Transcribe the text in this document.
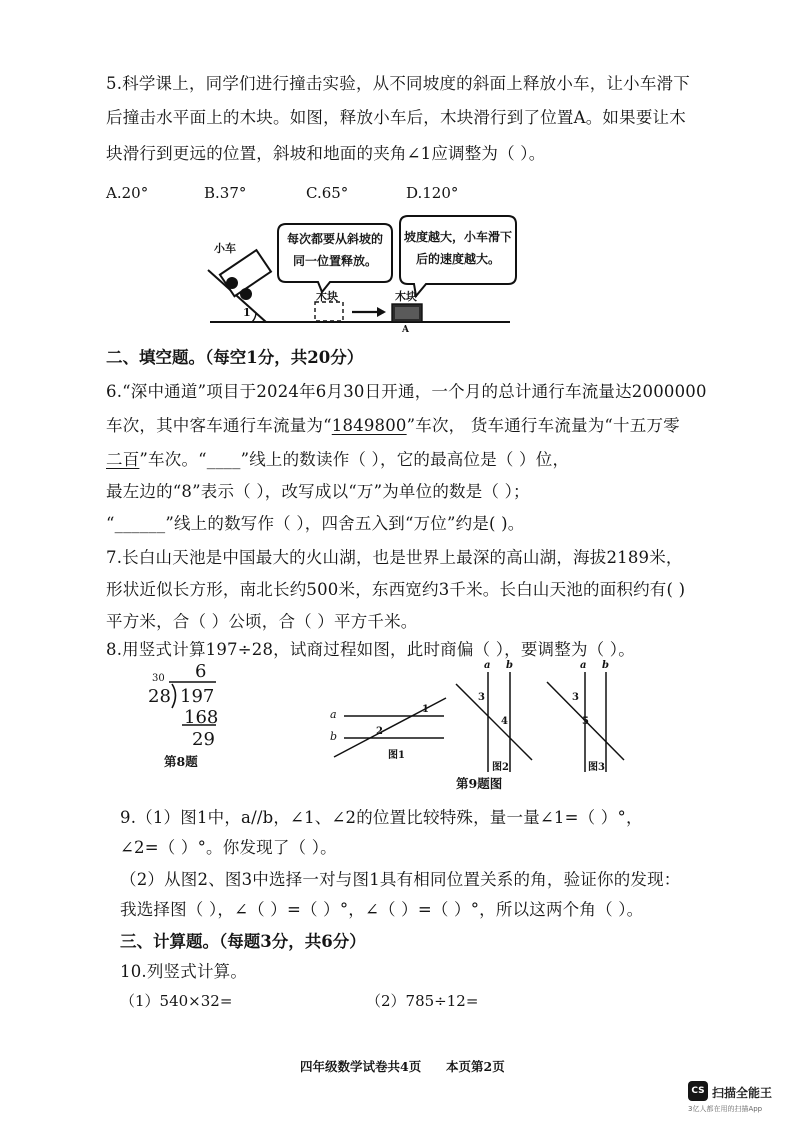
5.科学课上，同学们进行撞击实验，从不同坡度的斜面上释放小车，让小车滑下
后撞击水平面上的木块。如图，释放小车后，木块滑行到了位置A。如果要让木
块滑行到更远的位置，斜坡和地面的夹角∠1应调整为（ ）。
A.20°	B.37°	C.65°	D.120°
小车
1
每次都要从斜坡的同一位置释放。
坡度越大，小车滑下后的速度越大。
木块	木块
A
二、填空题。（每空1分，共20分）
6.“深中通道”项目于2024年6月30日开通，一个月的总计通行车流量达2000000
车次，其中客车通行车流量为“1849800”车次， 货车通行车流量为“十五万零
二百”车次。“____”线上的数读作（ ），它的最高位是（ ）位，
最左边的“8”表示（ ），改写成以“万”为单位的数是（ ）；
“______”线上的数写作（ ），四舍五入到“万位”约是( )。
7.长白山天池是中国最大的火山湖，也是世界上最深的高山湖，海拔2189米，
形状近似长方形，南北长约500米，东西宽约3千米。长白山天池的面积约有( )
平方米，合（ ）公顷，合（ ）平方千米。
8.用竖式计算197÷28，试商过程如图，此时商偏（ ），要调整为（ ）。
6
30
28 197
168
29
第8题
a
b
1
2
图1
a b
3
4
图2
a b
3
5
图3
第9题图
9.（1）图1中，a//b，∠1、∠2的位置比较特殊，量一量∠1=（ ）°，
∠2=（ ）°。你发现了（ ）。
（2）从图2、图3中选择一对与图1具有相同位置关系的角，验证你的发现：
我选择图（ ），∠（ ）=（ ）°，∠（ ）=（ ）°，所以这两个角（ ）。
三、计算题。（每题3分，共6分）
10.列竖式计算。
（1）540×32=	（2）785÷12=
四年级数学试卷共4页 本页第2页
CS 扫描全能王
3亿人都在用的扫描App
